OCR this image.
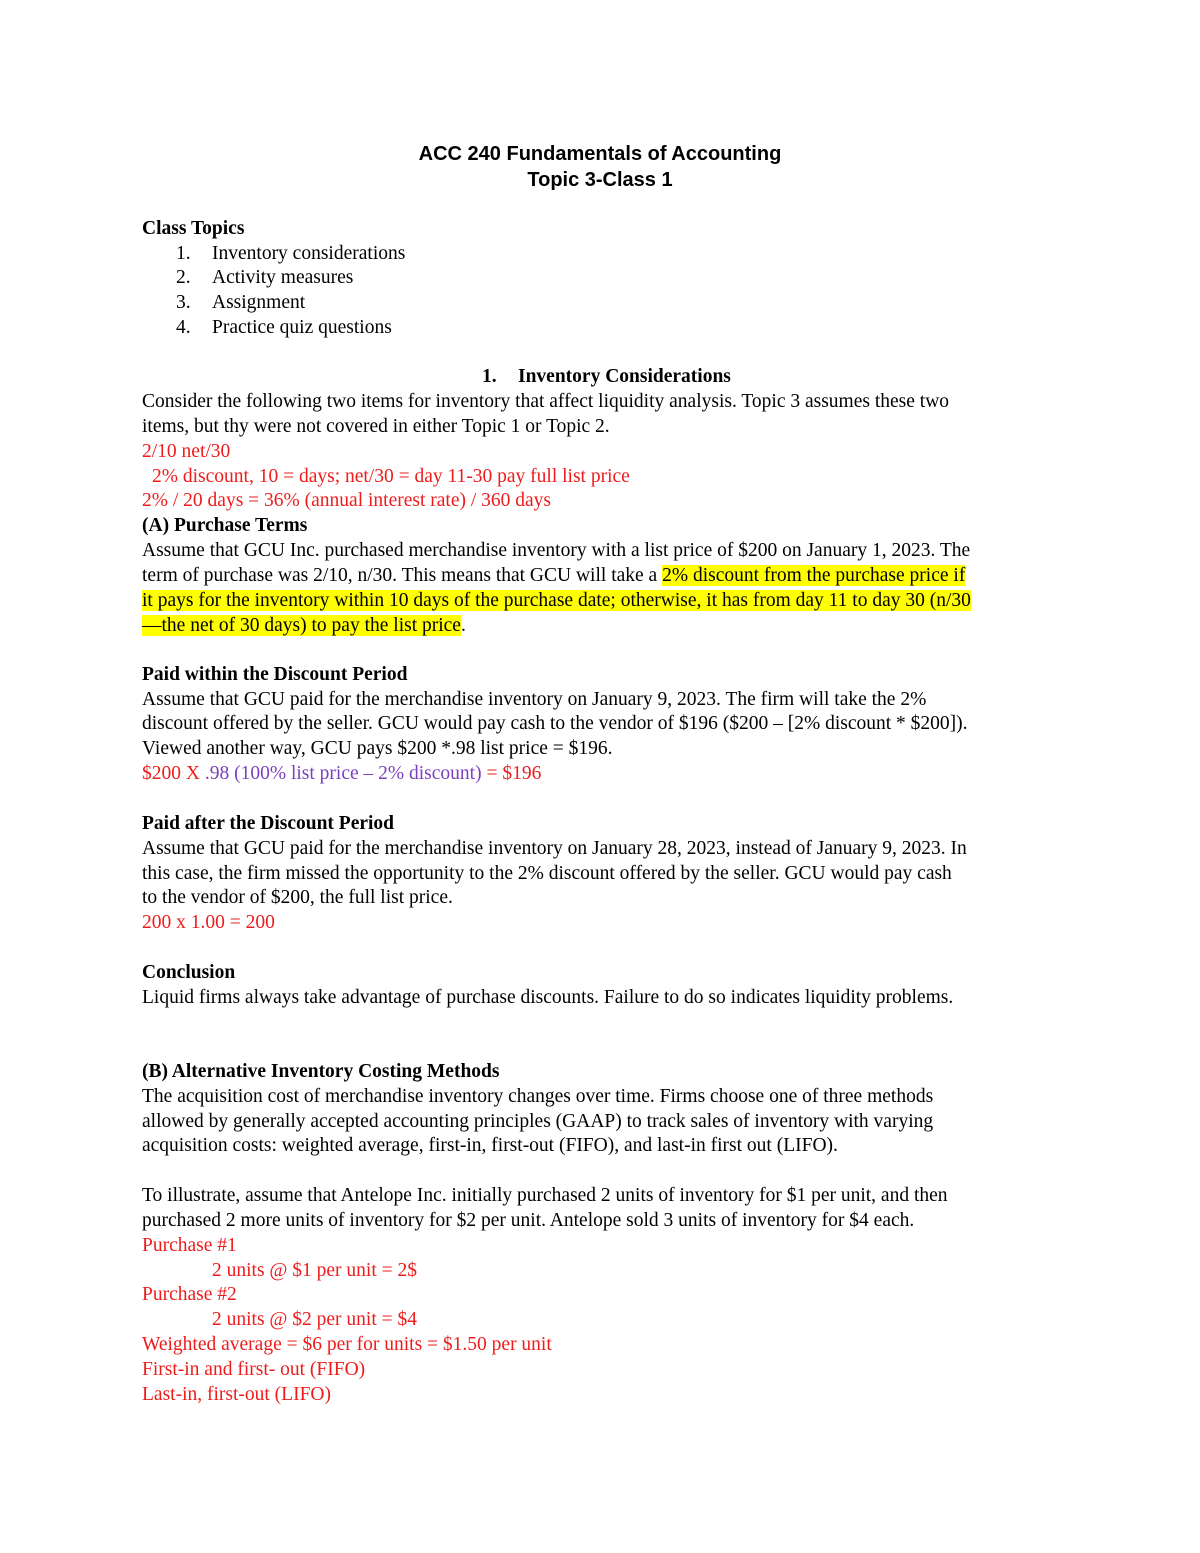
ACC 240 Fundamentals of Accounting
Topic 3-Class 1
Class Topics
1. Inventory considerations
2. Activity measures
3. Assignment
4. Practice quiz questions
1. Inventory Considerations
Consider the following two items for inventory that affect liquidity analysis. Topic 3 assumes these two
items, but thy were not covered in either Topic 1 or Topic 2.
2/10 net/30
2% discount, 10 = days; net/30 = day 11-30 pay full list price
2% / 20 days = 36% (annual interest rate) / 360 days
(A) Purchase Terms
Assume that GCU Inc. purchased merchandise inventory with a list price of $200 on January 1, 2023. The
term of purchase was 2/10, n/30. This means that GCU will take a 2% discount from the purchase price if
it pays for the inventory within 10 days of the purchase date; otherwise, it has from day 11 to day 30 (n/30
—the net of 30 days) to pay the list price.
Paid within the Discount Period
Assume that GCU paid for the merchandise inventory on January 9, 2023. The firm will take the 2%
discount offered by the seller. GCU would pay cash to the vendor of $196 ($200 – [2% discount * $200]).
Viewed another way, GCU pays $200 *.98 list price = $196.
$200 X .98 (100% list price – 2% discount) = $196
Paid after the Discount Period
Assume that GCU paid for the merchandise inventory on January 28, 2023, instead of January 9, 2023. In
this case, the firm missed the opportunity to the 2% discount offered by the seller. GCU would pay cash
to the vendor of $200, the full list price.
200 x 1.00 = 200
Conclusion
Liquid firms always take advantage of purchase discounts. Failure to do so indicates liquidity problems.
(B) Alternative Inventory Costing Methods
The acquisition cost of merchandise inventory changes over time. Firms choose one of three methods
allowed by generally accepted accounting principles (GAAP) to track sales of inventory with varying
acquisition costs: weighted average, first-in, first-out (FIFO), and last-in first out (LIFO).
To illustrate, assume that Antelope Inc. initially purchased 2 units of inventory for $1 per unit, and then
purchased 2 more units of inventory for $2 per unit. Antelope sold 3 units of inventory for $4 each.
Purchase #1
2 units @ $1 per unit = 2$
Purchase #2
2 units @ $2 per unit = $4
Weighted average = $6 per for units = $1.50 per unit
First-in and first- out (FIFO)
Last-in, first-out (LIFO)
